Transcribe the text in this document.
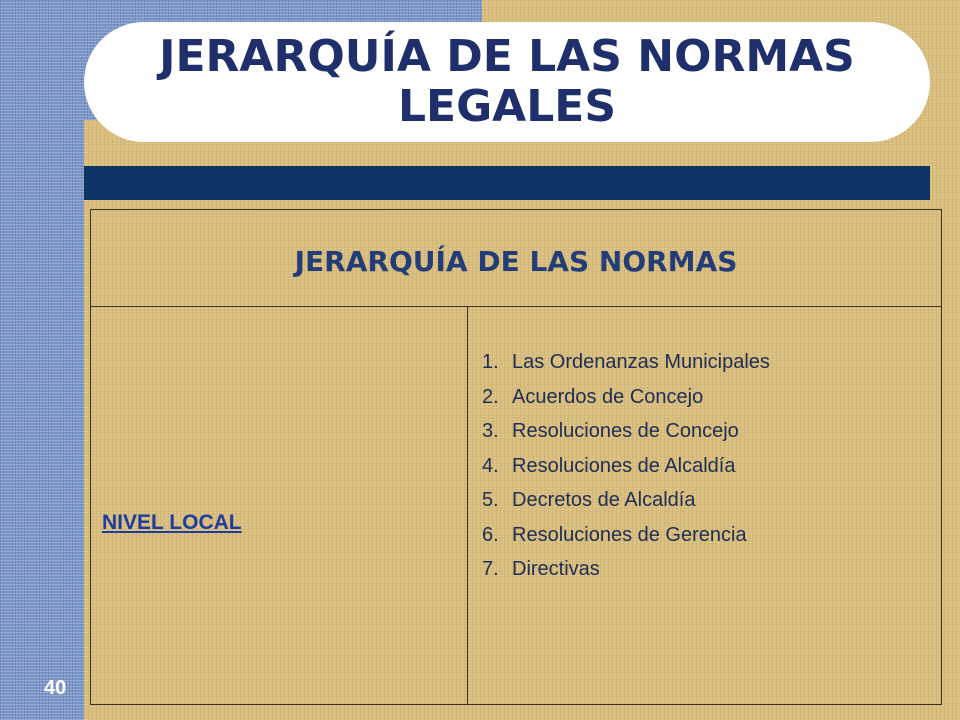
JERARQUÍA DE LAS NORMAS LEGALES
JERARQUÍA DE LAS NORMAS
NIVEL LOCAL
1. Las Ordenanzas Municipales
2. Acuerdos de Concejo
3. Resoluciones de Concejo
4. Resoluciones de Alcaldía
5. Decretos de Alcaldía
6. Resoluciones de Gerencia
7. Directivas
40
